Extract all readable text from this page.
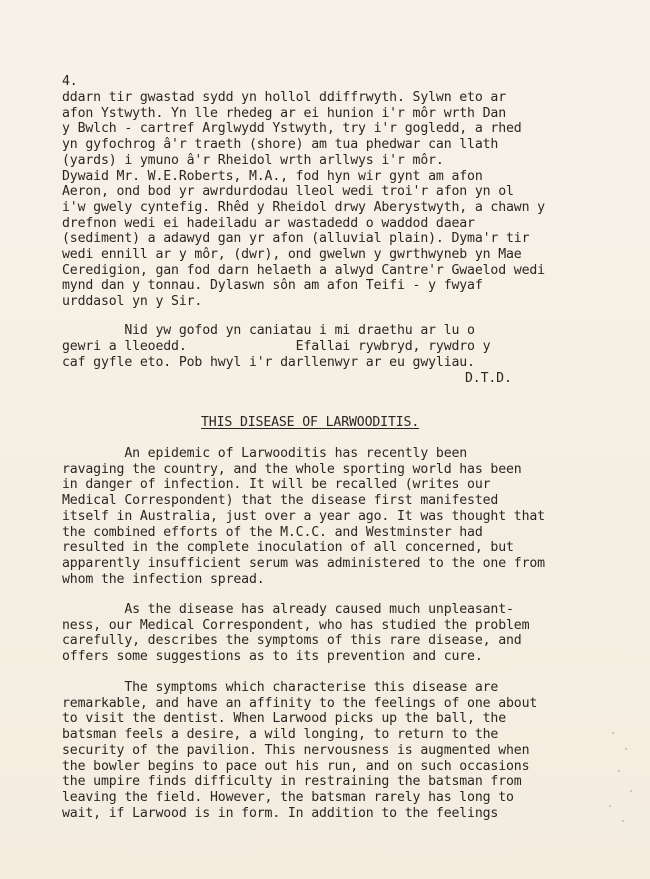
4.
ddarn tir gwastad sydd yn hollol ddiffrwyth. Sylwn eto ar
afon Ystwyth. Yn lle rhedeg ar ei hunion i'r môr wrth Dan
y Bwlch - cartref Arglwydd Ystwyth, try i'r gogledd, a rhed
yn gyfochrog â'r traeth (shore) am tua phedwar can llath
(yards) i ymuno â'r Rheidol wrth arllwys i'r môr.
Dywaid Mr. W.E.Roberts, M.A., fod hyn wir gynt am afon
Aeron, ond bod yr awrdurdodau lleol wedi troi'r afon yn ol
i'w gwely cyntefig. Rhêd y Rheidol drwy Aberystwyth, a chawn y
drefnon wedi ei hadeiladu ar wastadedd o waddod daear
(sediment) a adawyd gan yr afon (alluvial plain). Dyma'r tir
wedi ennill ar y môr, (dwr), ond gwelwn y gwrthwyneb yn Mae
Ceredigion, gan fod darn helaeth a alwyd Cantre'r Gwaelod wedi
mynd dan y tonnau. Dylaswn sôn am afon Teifi - y fwyaf
urddasol yn y Sir.
Nid yw gofod yn caniatau i mi draethu ar lu o
gewri a lleoedd.              Efallai rywbryd, rywdro y
caf gyfle eto. Pob hwyl i'r darllenwyr ar eu gwyliau.
D.T.D.
THIS DISEASE OF LARWOODITIS.
An epidemic of Larwooditis has recently been
ravaging the country, and the whole sporting world has been
in danger of infection. It will be recalled (writes our
Medical Correspondent) that the disease first manifested
itself in Australia, just over a year ago. It was thought that
the combined efforts of the M.C.C. and Westminster had
resulted in the complete inoculation of all concerned, but
apparently insufficient serum was administered to the one from
whom the infection spread.
As the disease has already caused much unpleasant-
ness, our Medical Correspondent, who has studied the problem
carefully, describes the symptoms of this rare disease, and
offers some suggestions as to its prevention and cure.
The symptoms which characterise this disease are
remarkable, and have an affinity to the feelings of one about
to visit the dentist. When Larwood picks up the ball, the
batsman feels a desire, a wild longing, to return to the
security of the pavilion. This nervousness is augmented when
the bowler begins to pace out his run, and on such occasions
the umpire finds difficulty in restraining the batsman from
leaving the field. However, the batsman rarely has long to
wait, if Larwood is in form. In addition to the feelings
